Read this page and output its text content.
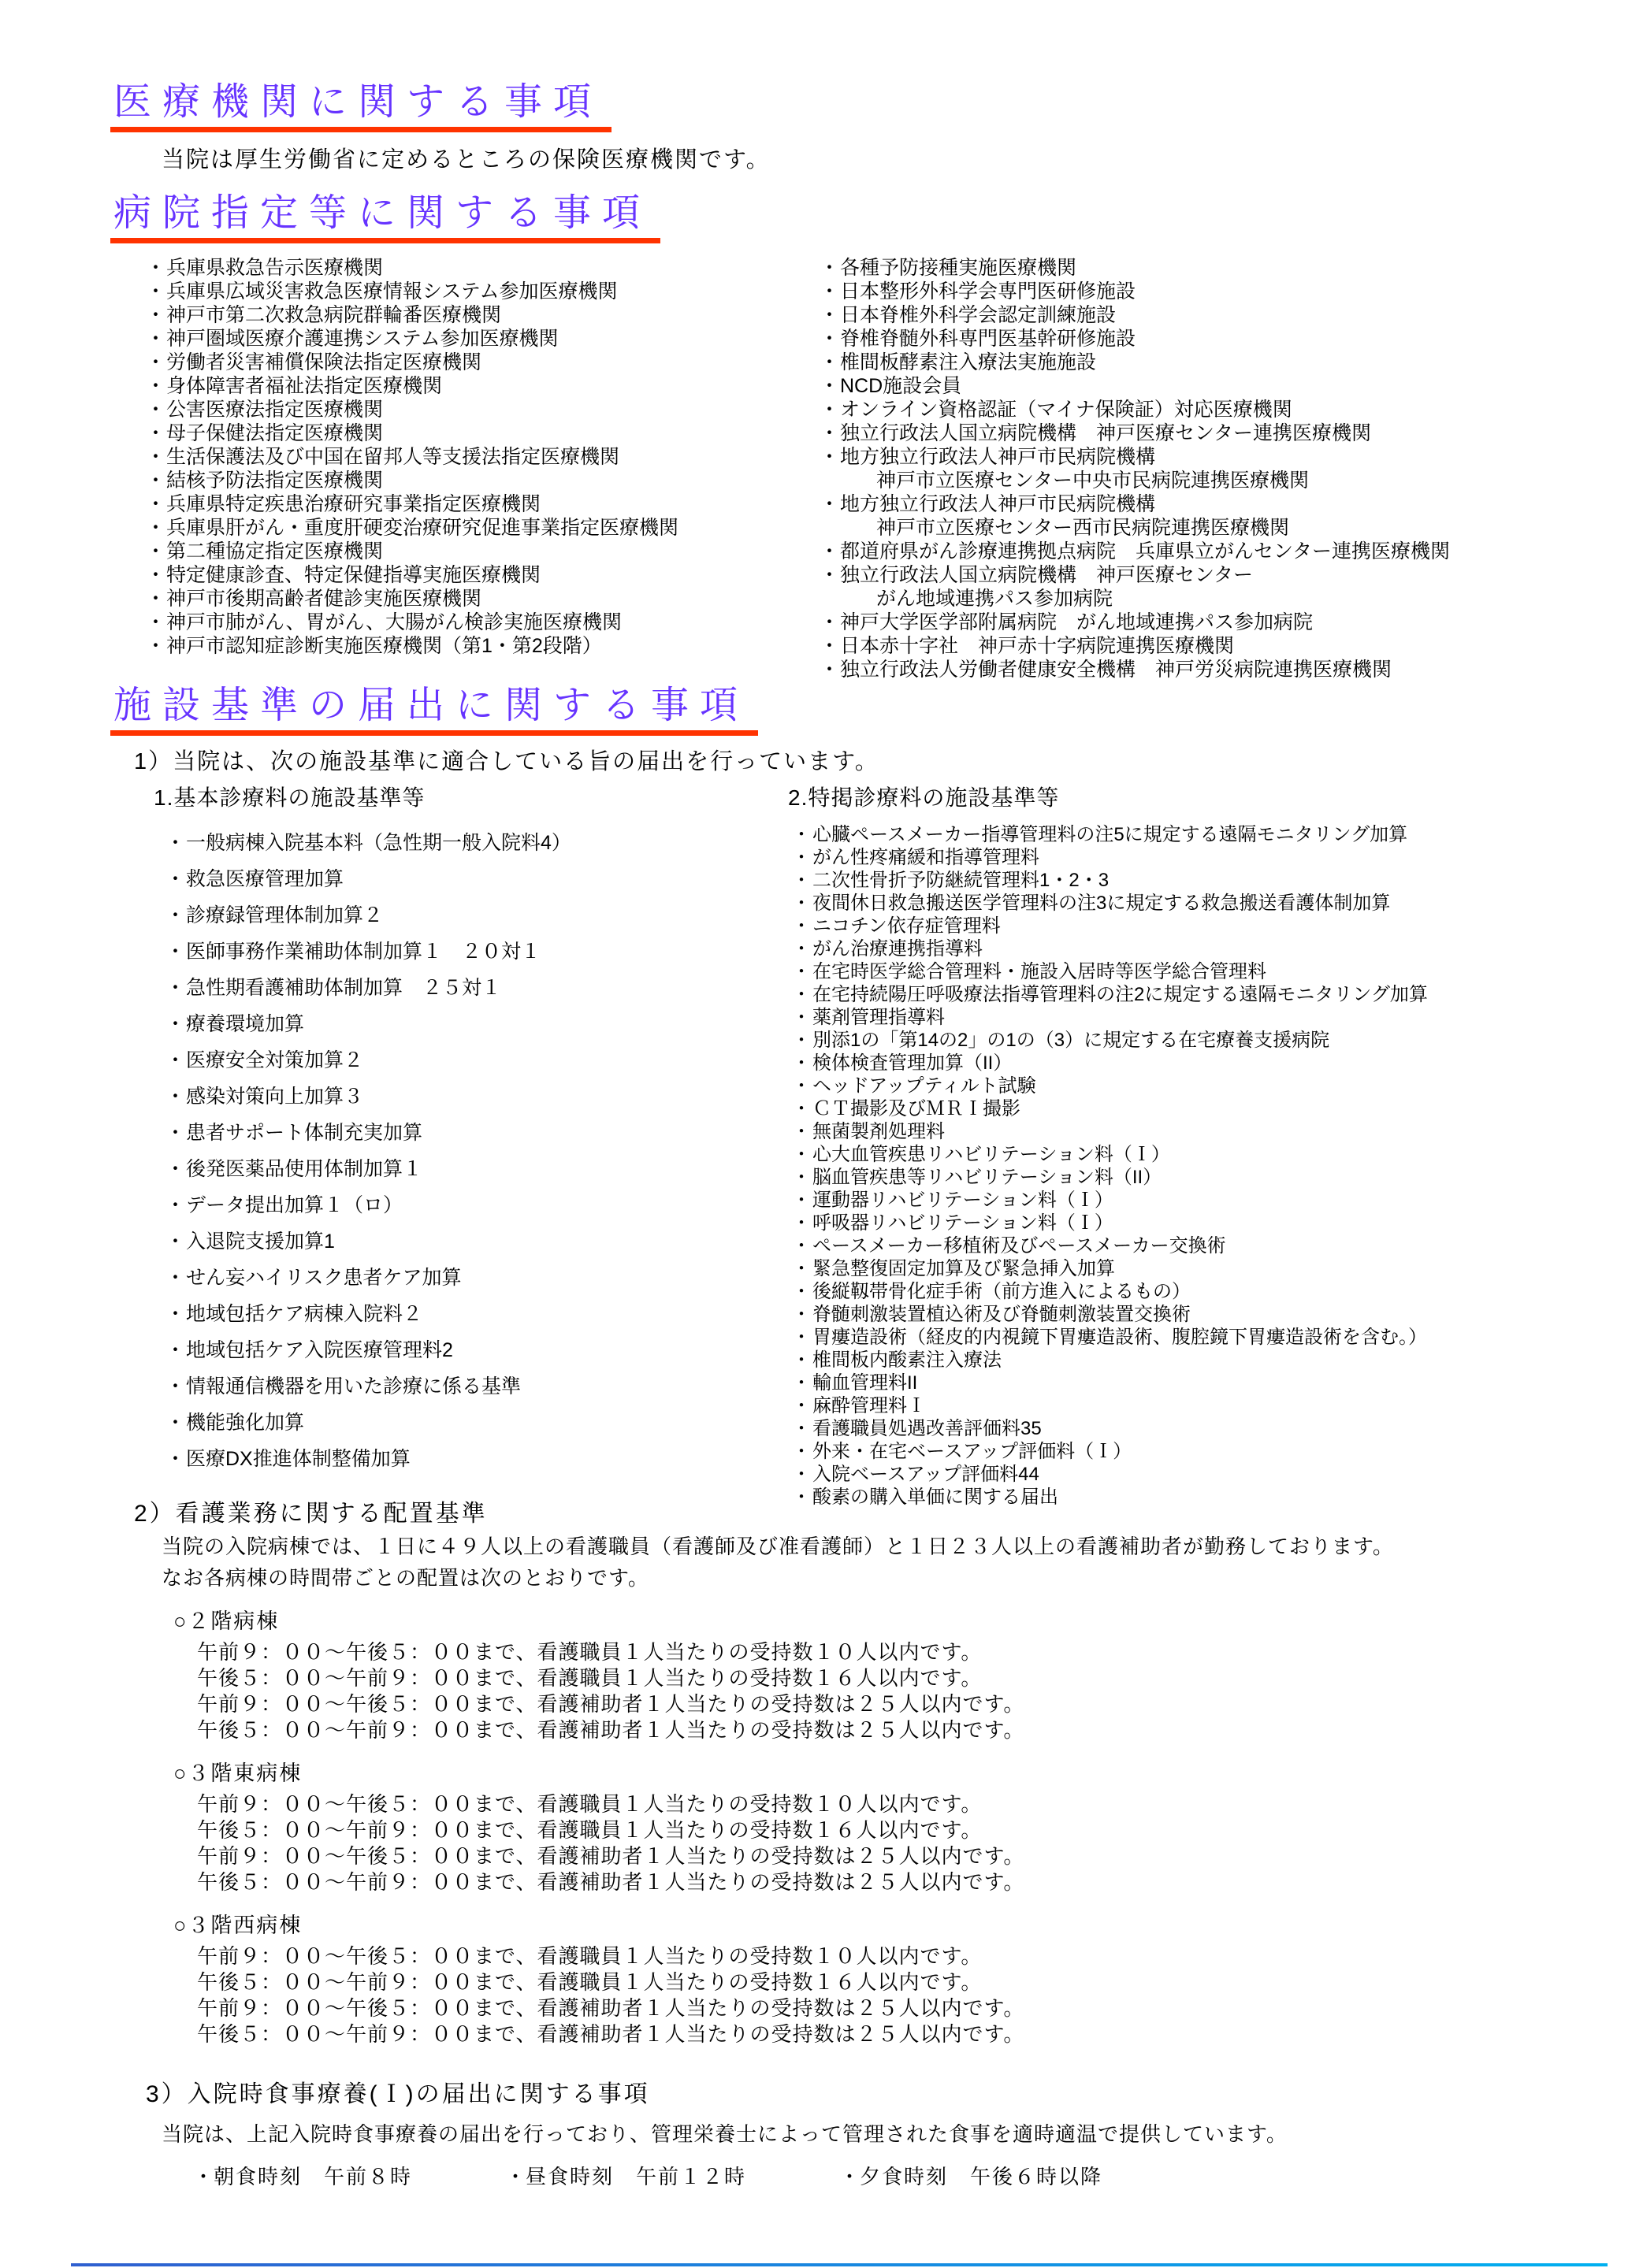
医療機関に関する事項

当院は厚生労働省に定めるところの保険医療機関です。

病院指定等に関する事項
・ 兵庫県救急告示医療機関
・ 兵庫県広域災害救急医療情報システム参加医療機関
・ 神戸市第二次救急病院群輪番医療機関
・ 神戸圏域医療介護連携システム参加医療機関
・ 労働者災害補償保険法指定医療機関
・ 身体障害者福祉法指定医療機関
・ 公害医療法指定医療機関
・ 母子保健法指定医療機関
・ 生活保護法及び中国在留邦人等支援法指定医療機関
・ 結核予防法指定医療機関
・ 兵庫県特定疾患治療研究事業指定医療機関
・ 兵庫県肝がん・重度肝硬変治療研究促進事業指定医療機関
・ 第二種協定指定医療機関
・ 特定健康診査、特定保健指導実施医療機関
・ 神戸市後期高齢者健診実施医療機関
・ 神戸市肺がん、胃がん、大腸がん検診実施医療機関
・ 神戸市認知症診断実施医療機関（第1・第2段階）
・ 各種予防接種実施医療機関
・ 日本整形外科学会専門医研修施設
・ 日本脊椎外科学会認定訓練施設
・ 脊椎脊髄外科専門医基幹研修施設
・ 椎間板酵素注入療法実施施設
・ NCD施設会員
・ オンライン資格認証（マイナ保険証）対応医療機関
・ 独立行政法人国立病院機構　神戸医療センター連携医療機関
・ 地方独立行政法人神戸市民病院機構
神戸市立医療センター中央市民病院連携医療機関
・ 地方独立行政法人神戸市民病院機構
神戸市立医療センター西市民病院連携医療機関
・ 都道府県がん診療連携拠点病院　兵庫県立がんセンター連携医療機関
・ 独立行政法人国立病院機構　神戸医療センター
がん地域連携パス参加病院
・ 神戸大学医学部附属病院　がん地域連携パス参加病院
・ 日本赤十字社　神戸赤十字病院連携医療機関
・ 独立行政法人労働者健康安全機構　神戸労災病院連携医療機関
施設基準の届出に関する事項

1）当院は、次の施設基準に適合している旨の届出を行っています。

1.基本診療料の施設基準等
・ 一般病棟入院基本料（急性期一般入院料4）
・ 救急医療管理加算
・ 診療録管理体制加算２
・ 医師事務作業補助体制加算１　２０対１
・ 急性期看護補助体制加算　２５対１
・ 療養環境加算
・ 医療安全対策加算２
・ 感染対策向上加算３
・ 患者サポート体制充実加算
・ 後発医薬品使用体制加算１
・ データ提出加算１（ロ）
・ 入退院支援加算1
・ せん妄ハイリスク患者ケア加算
・ 地域包括ケア病棟入院料２
・ 地域包括ケア入院医療管理料2
・ 情報通信機器を用いた診療に係る基準
・ 機能強化加算
・ 医療DX推進体制整備加算
2.特掲診療料の施設基準等
・ 心臓ペースメーカー指導管理料の注5に規定する遠隔モニタリング加算
・ がん性疼痛緩和指導管理料
・ 二次性骨折予防継続管理料1・2・3
・ 夜間休日救急搬送医学管理料の注3に規定する救急搬送看護体制加算
・ ニコチン依存症管理料
・ がん治療連携指導料
・ 在宅時医学総合管理料・施設入居時等医学総合管理料
・ 在宅持続陽圧呼吸療法指導管理料の注2に規定する遠隔モニタリング加算
・ 薬剤管理指導料
・ 別添1の「第14の2」の1の（3）に規定する在宅療養支援病院
・ 検体検査管理加算（II）
・ ヘッドアップティルト試験
・ ＣＴ撮影及びＭＲＩ撮影
・ 無菌製剤処理料
・ 心大血管疾患リハビリテーション料（Ｉ）
・ 脳血管疾患等リハビリテーション料（II）
・ 運動器リハビリテーション料（Ｉ）
・ 呼吸器リハビリテーション料（Ｉ）
・ ペースメーカー移植術及びペースメーカー交換術
・ 緊急整復固定加算及び緊急挿入加算
・ 後縦靱帯骨化症手術（前方進入によるもの）
・ 脊髄刺激装置植込術及び脊髄刺激装置交換術
・ 胃瘻造設術（経皮的内視鏡下胃瘻造設術、腹腔鏡下胃瘻造設術を含む。）
・ 椎間板内酸素注入療法
・ 輸血管理料II
・ 麻酔管理料Ｉ
・ 看護職員処遇改善評価料35
・ 外来・在宅ベースアップ評価料（Ｉ）
・ 入院ベースアップ評価料44
・ 酸素の購入単価に関する届出
2）看護業務に関する配置基準

当院の入院病棟では、１日に４９人以上の看護職員（看護師及び准看護師）と１日２３人以上の看護補助者が勤務しております。

なお各病棟の時間帯ごとの配置は次のとおりです。

○２階病棟
午前９：００～午後５：００まで、看護職員１人当たりの受持数１０人以内です。
午後５：００～午前９：００まで、看護職員１人当たりの受持数１６人以内です。
午前９：００～午後５：００まで、看護補助者１人当たりの受持数は２５人以内です。
午後５：００～午前９：００まで、看護補助者１人当たりの受持数は２５人以内です。
○３階東病棟
午前９：００～午後５：００まで、看護職員１人当たりの受持数１０人以内です。
午後５：００～午前９：００まで、看護職員１人当たりの受持数１６人以内です。
午前９：００～午後５：００まで、看護補助者１人当たりの受持数は２５人以内です。
午後５：００～午前９：００まで、看護補助者１人当たりの受持数は２５人以内です。
○３階西病棟
午前９：００～午後５：００まで、看護職員１人当たりの受持数１０人以内です。
午後５：００～午前９：００まで、看護職員１人当たりの受持数１６人以内です。
午前９：００～午後５：００まで、看護補助者１人当たりの受持数は２５人以内です。
午後５：００～午前９：００まで、看護補助者１人当たりの受持数は２５人以内です。
3）入院時食事療養(Ｉ)の届出に関する事項

当院は、上記入院時食事療養の届出を行っており、管理栄養士によって管理された食事を適時適温で提供しています。

・ 朝食時刻　午前８時	・ 昼食時刻　午前１２時	・ 夕食時刻　午後６時以降
